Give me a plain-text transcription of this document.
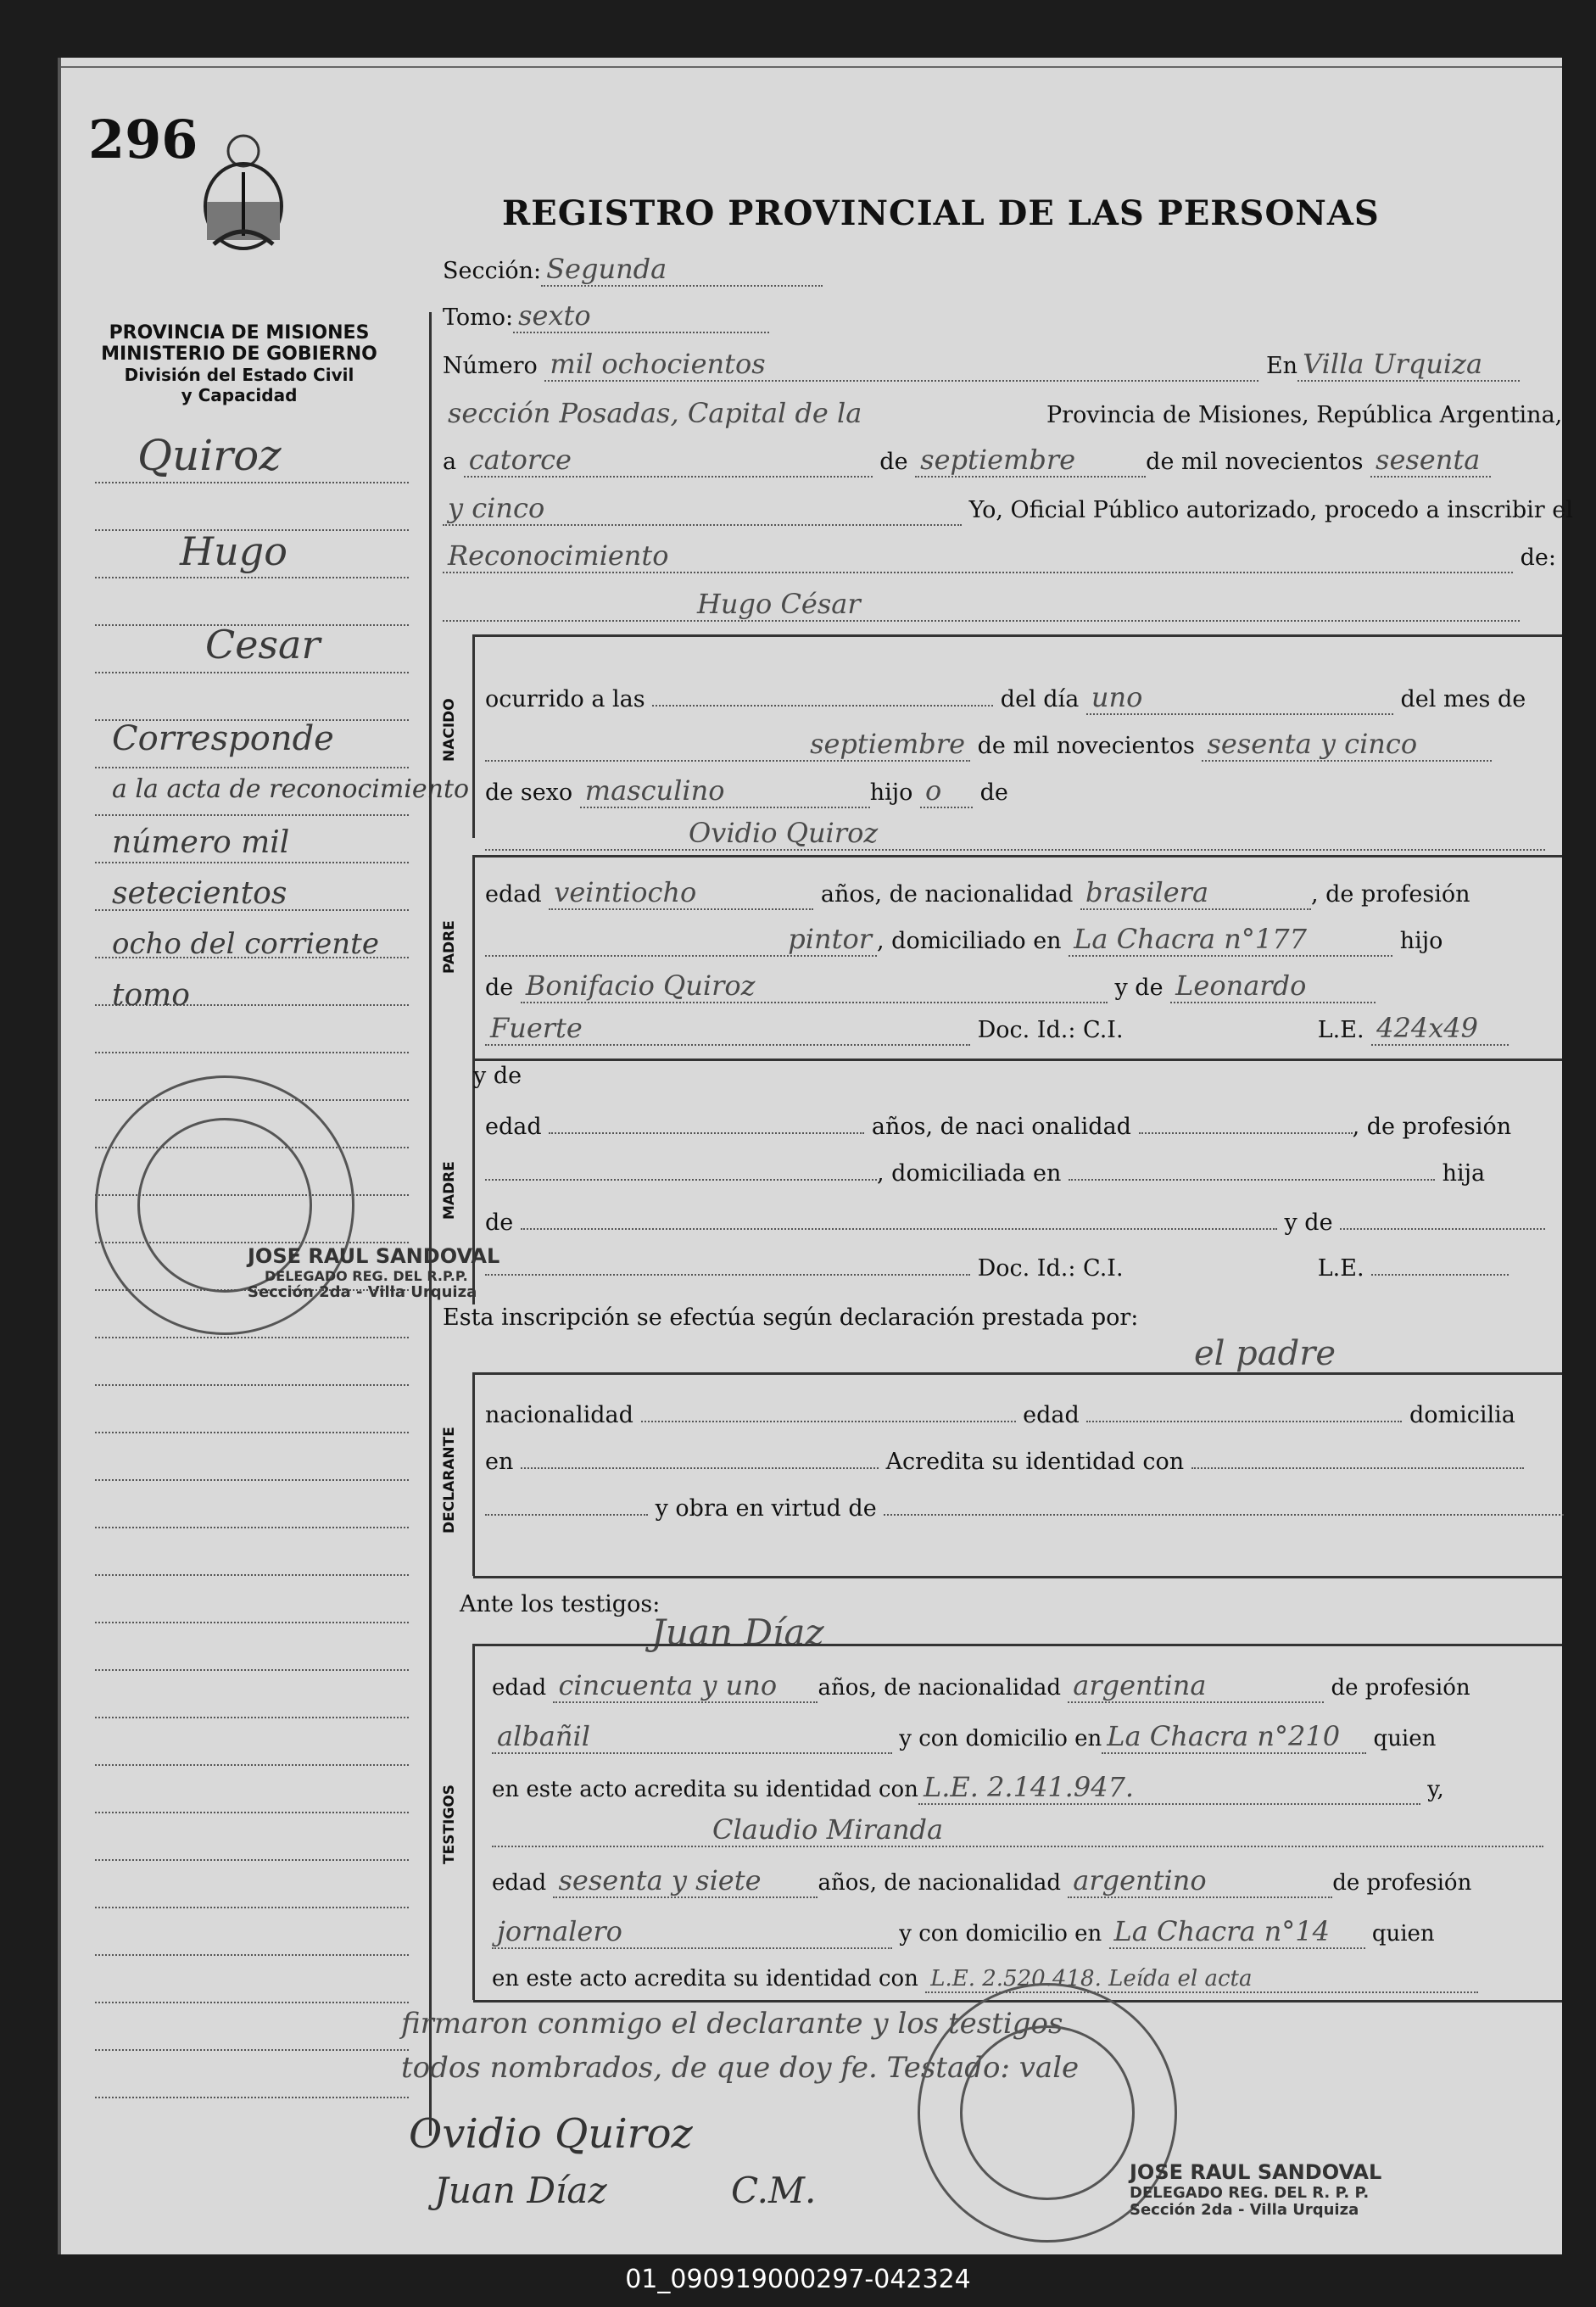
296
REGISTRO PROVINCIAL DE LAS PERSONAS
PROVINCIA DE MISIONES
MINISTERIO DE GOBIERNO
División del Estado Civil
y Capacidad
Quiroz
Hugo
Cesar
Corresponde
a la acta de reconocimiento
número mil
setecientos
ocho del corriente
tomo
JOSE RAUL SANDOVAL
DELEGADO REG. DEL R.P.P.
Sección 2da - Villa Urquiza
Sección: Segunda
Tomo: sexto
Número mil ochocientos	En Villa Urquiza
sección Posadas, Capital de la	Provincia de Misiones, República Argentina,
a catorce	de septiembre	de mil novecientos sesenta
y cinco	Yo, Oficial Público autorizado, procedo a inscribir el
Reconocimiento	de:
Hugo César
NACIDO ocurrido a las	del día uno	del mes de
septiembre de mil novecientos sesenta y cinco
de sexo masculino	hijo o de
Ovidio Quiroz
PADRE
edad veintiocho	años, de nacionalidad brasilera	, de profesión
pintor , domiciliado en La Chacra n°177	hijo
de Bonifacio Quiroz	y de Leonardo
Fuerte	Doc. Id.: C.I.	L.E. 424x49
MADRE
y de
edad	años, de naci onalidad	, de profesión
, domiciliada en	hija
de	y de
Doc. Id.: C.I.	L.E.
Esta inscripción se efectúa según declaración prestada por:
el padre
DECLARANTE
nacionalidad	edad	domicilia
en	Acredita su identidad con
y obra en virtud de
Ante los testigos:
Juan Díaz
TESTIGOS
edad cincuenta y uno años, de nacionalidad argentina	de profesión
albañil	y con domicilio en La Chacra n°210 quien
en este acto acredita su identidad con L.E. 2.141.947.	y,
Claudio Miranda
edad sesenta y siete	años, de nacionalidad argentino	de profesión
jornalero	y con domicilio en La Chacra n°14 quien
en este acto acredita su identidad con L.E. 2.520.418. Leída el acta
firmaron conmigo el declarante y los testigos
todos nombrados, de que doy fe. Testado: vale
Ovidio Quiroz
Juan Díaz	C.M.	JOSE RAUL SANDOVAL
DELEGADO REG. DEL R. P. P.
Sección 2da - Villa Urquiza
01_090919000297-042324
